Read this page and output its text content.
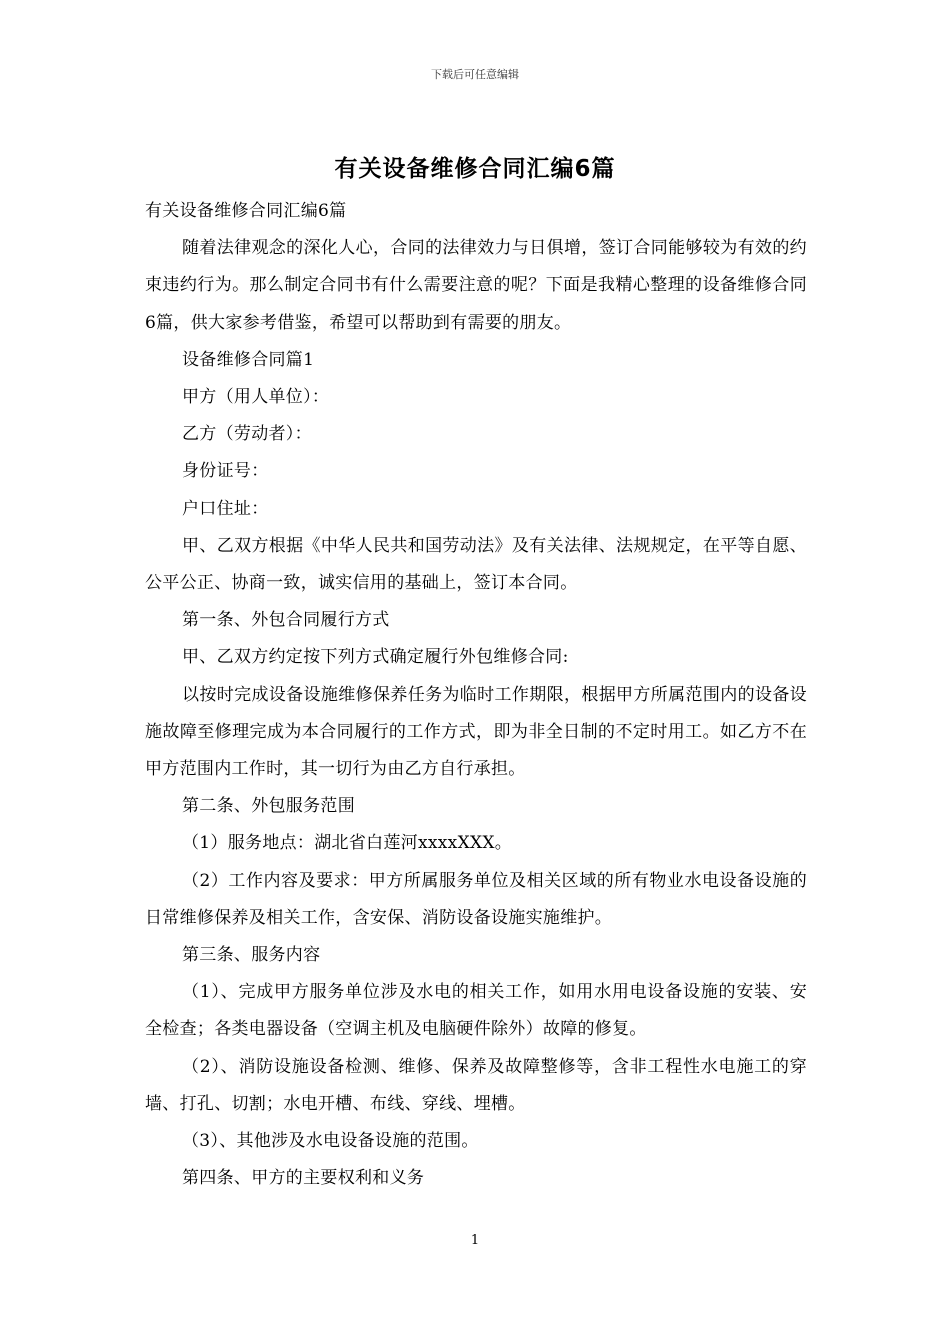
下载后可任意编辑
有关设备维修合同汇编6篇

有关设备维修合同汇编6篇

随着法律观念的深化人心，合同的法律效力与日俱增，签订合同能够较为有效的约束违约行为。那么制定合同书有什么需要注意的呢？下面是我精心整理的设备维修合同6篇，供大家参考借鉴，希望可以帮助到有需要的朋友。

设备维修合同篇1

甲方（用人单位）：

乙方（劳动者）：

身份证号：

户口住址：

甲、乙双方根据《中华人民共和国劳动法》及有关法律、法规规定，在平等自愿、公平公正、协商一致，诚实信用的基础上，签订本合同。

第一条、外包合同履行方式

甲、乙双方约定按下列方式确定履行外包维修合同:

以按时完成设备设施维修保养任务为临时工作期限，根据甲方所属范围内的设备设施故障至修理完成为本合同履行的工作方式，即为非全日制的不定时用工。如乙方不在甲方范围内工作时，其一切行为由乙方自行承担。

第二条、外包服务范围

（1）服务地点：湖北省白莲河xxxxXXX。

（2）工作内容及要求：甲方所属服务单位及相关区域的所有物业水电设备设施的日常维修保养及相关工作，含安保、消防设备设施实施维护。

第三条、服务内容

（1）、完成甲方服务单位涉及水电的相关工作，如用水用电设备设施的安装、安全检查；各类电器设备（空调主机及电脑硬件除外）故障的修复。

（2）、消防设施设备检测、维修、保养及故障整修等，含非工程性水电施工的穿墙、打孔、切割；水电开槽、布线、穿线、埋槽。

（3）、其他涉及水电设备设施的范围。

第四条、甲方的主要权利和义务

1
